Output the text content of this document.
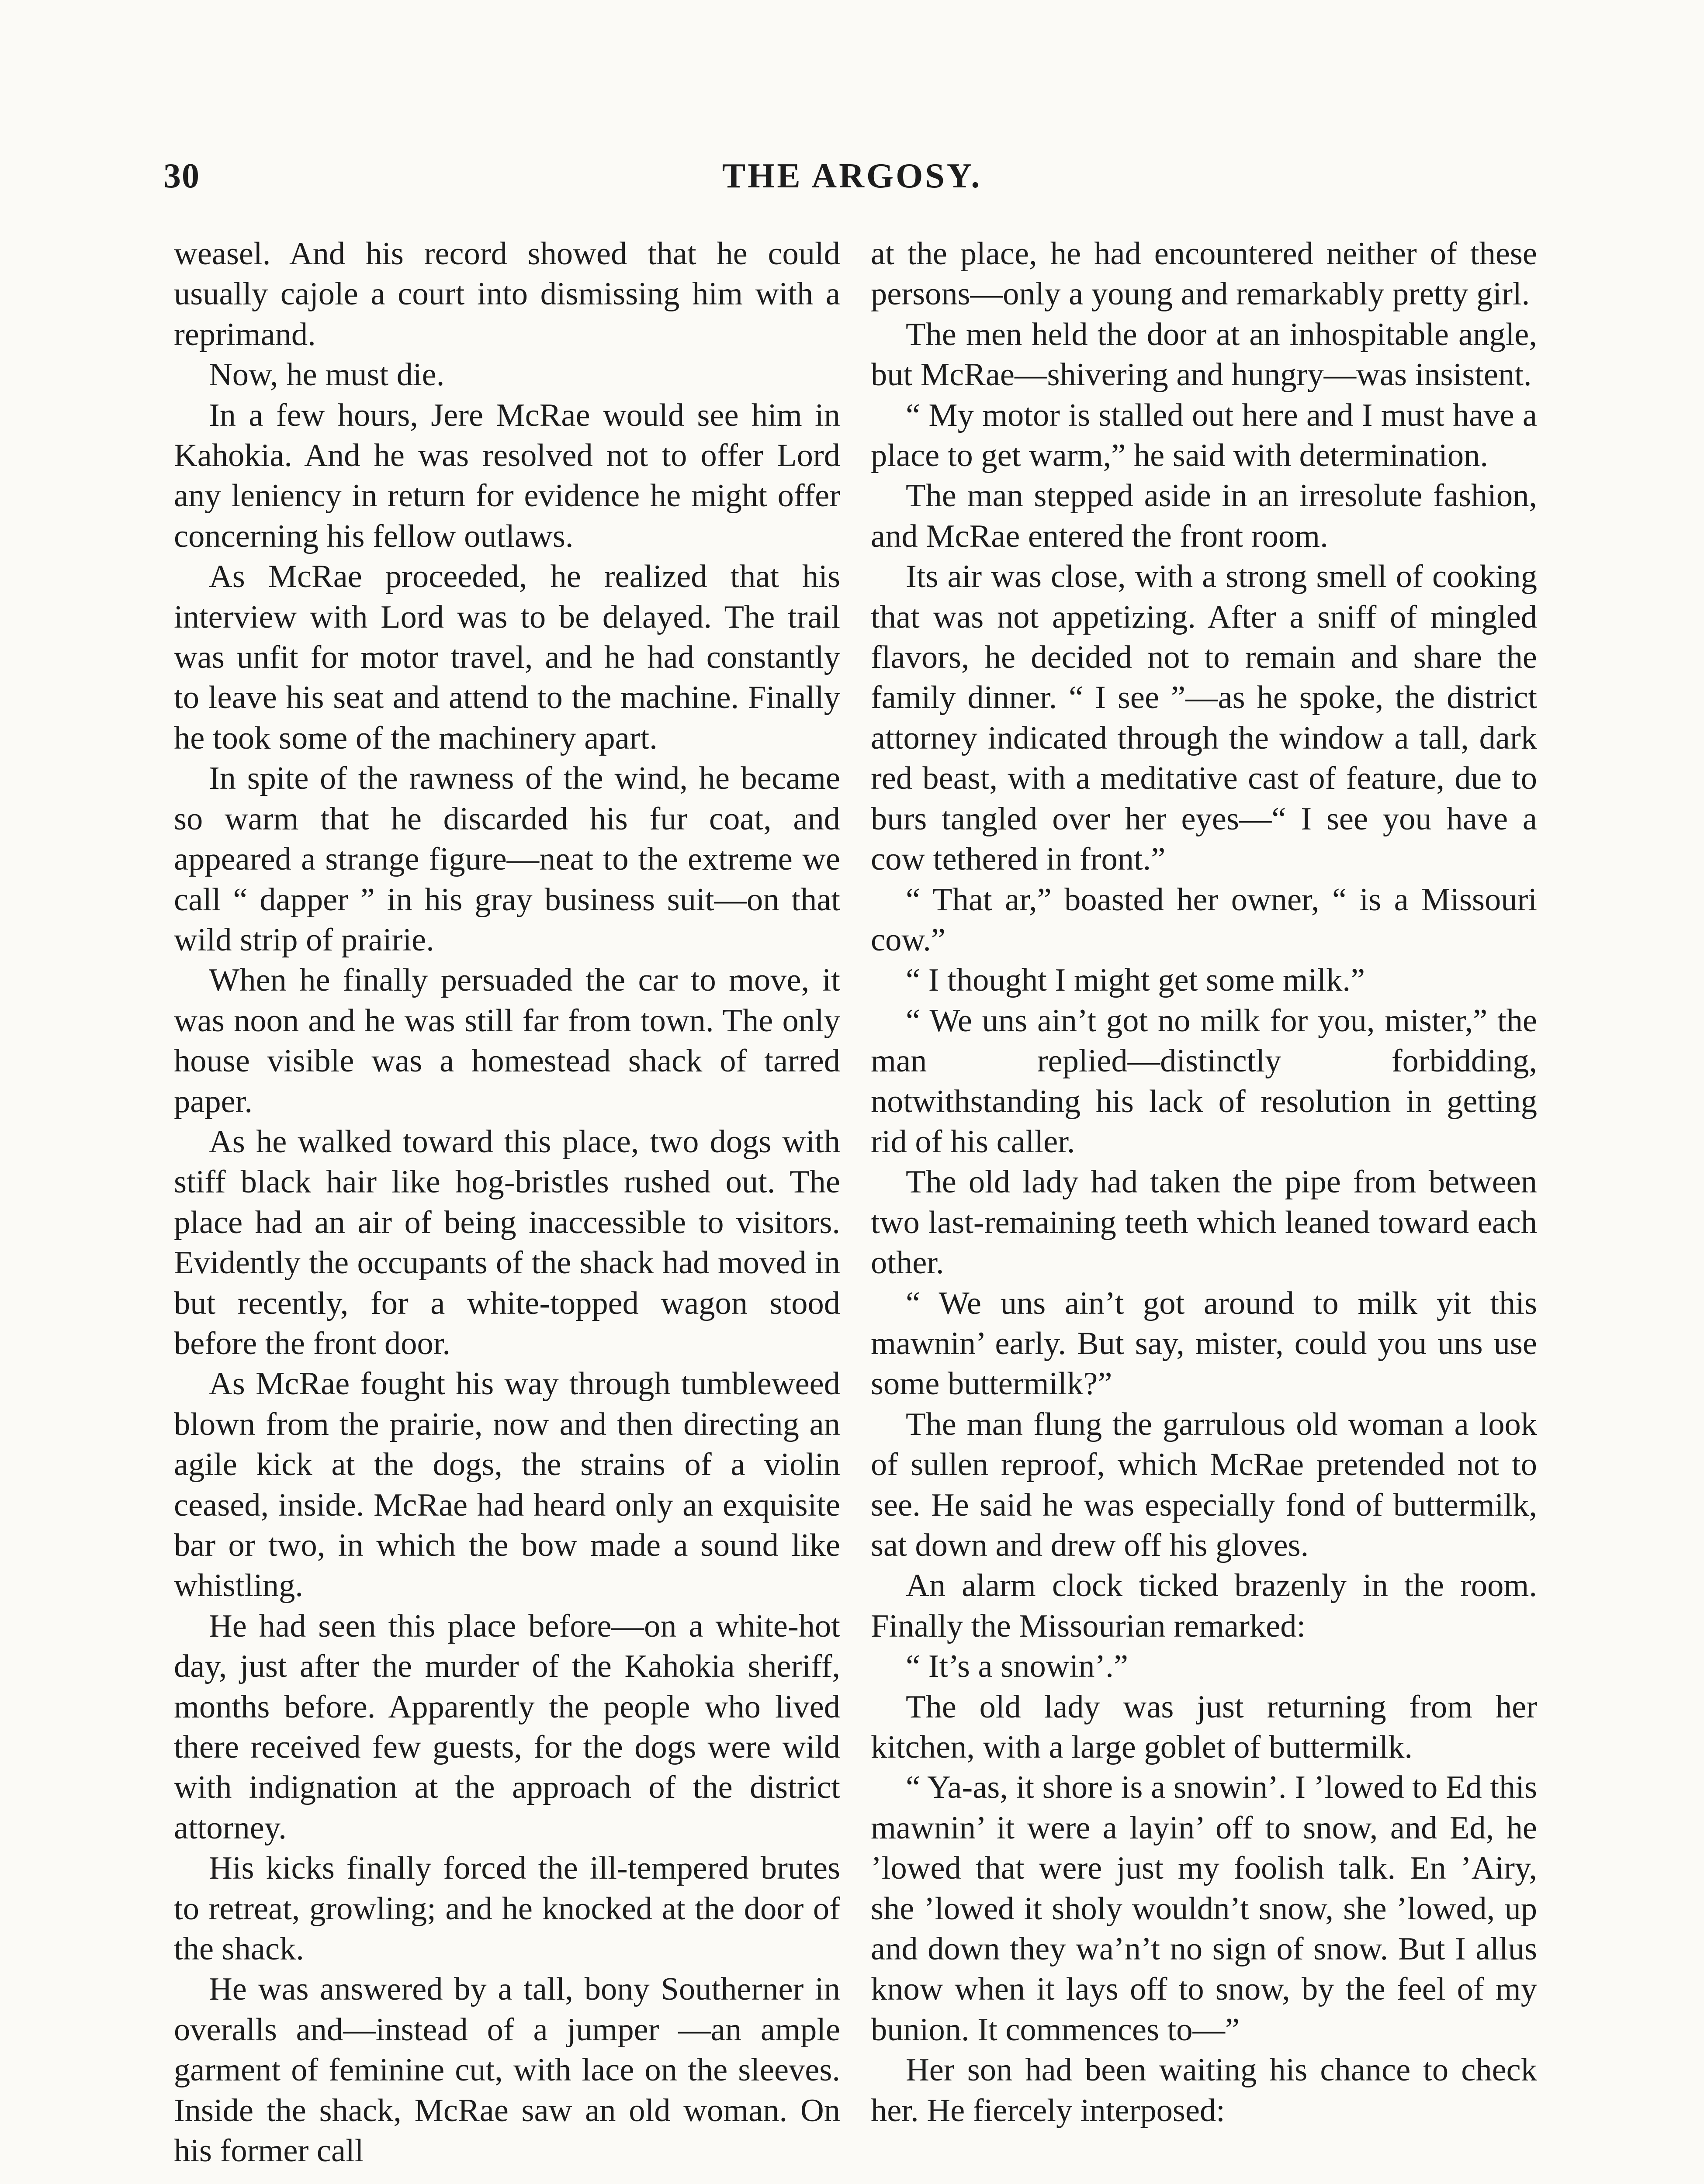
30	THE ARGOSY.

weasel. And his record showed that he could usually cajole a court into dismissing him with a reprimand.

Now, he must die.

In a few hours, Jere McRae would see him in Kahokia. And he was resolved not to offer Lord any leniency in return for evidence he might offer concerning his fellow outlaws.

As McRae proceeded, he realized that his interview with Lord was to be delayed. The trail was unfit for motor travel, and he had constantly to leave his seat and attend to the machine. Finally he took some of the machinery apart.

In spite of the rawness of the wind, he became so warm that he discarded his fur coat, and appeared a strange figure—neat to the extreme we call “ dapper ” in his gray business suit—on that wild strip of prairie.

When he finally persuaded the car to move, it was noon and he was still far from town. The only house visible was a homestead shack of tarred paper.

As he walked toward this place, two dogs with stiff black hair like hog-bristles rushed out. The place had an air of being inaccessible to visitors. Evidently the occupants of the shack had moved in but recently, for a white-topped wagon stood before the front door.

As McRae fought his way through tumbleweed blown from the prairie, now and then directing an agile kick at the dogs, the strains of a violin ceased, inside. McRae had heard only an exquisite bar or two, in which the bow made a sound like whistling.

He had seen this place before—on a white-hot day, just after the murder of the Kahokia sheriff, months before. Apparently the people who lived there received few guests, for the dogs were wild with indignation at the approach of the district attorney.

His kicks finally forced the ill-tempered brutes to retreat, growling; and he knocked at the door of the shack.

He was answered by a tall, bony Southerner in overalls and—instead of a jumper —an ample garment of feminine cut, with lace on the sleeves. Inside the shack, McRae saw an old woman. On his former call

at the place, he had encountered neither of these persons—only a young and remarkably pretty girl.

The men held the door at an inhospitable angle, but McRae—shivering and hungry—was insistent.

“ My motor is stalled out here and I must have a place to get warm,” he said with determination.

The man stepped aside in an irresolute fashion, and McRae entered the front room.

Its air was close, with a strong smell of cooking that was not appetizing. After a sniff of mingled flavors, he decided not to remain and share the family dinner. “ I see ”—as he spoke, the district attorney indicated through the window a tall, dark red beast, with a meditative cast of feature, due to burs tangled over her eyes—“ I see you have a cow tethered in front.”

“ That ar,” boasted her owner, “ is a Missouri cow.”

“ I thought I might get some milk.”

“ We uns ain’t got no milk for you, mister,” the man replied—distinctly forbidding, notwithstanding his lack of resolution in getting rid of his caller.

The old lady had taken the pipe from between two last-remaining teeth which leaned toward each other.

“ We uns ain’t got around to milk yit this mawnin’ early. But say, mister, could you uns use some buttermilk?”

The man flung the garrulous old woman a look of sullen reproof, which McRae pretended not to see. He said he was especially fond of buttermilk, sat down and drew off his gloves.

An alarm clock ticked brazenly in the room. Finally the Missourian remarked:

“ It’s a snowin’.”

The old lady was just returning from her kitchen, with a large goblet of buttermilk.

“ Ya-as, it shore is a snowin’. I ’lowed to Ed this mawnin’ it were a layin’ off to snow, and Ed, he ’lowed that were just my foolish talk. En ’Airy, she ’lowed it sholy wouldn’t snow, she ’lowed, up and down they wa’n’t no sign of snow. But I allus know when it lays off to snow, by the feel of my bunion. It commences to—”

Her son had been waiting his chance to check her. He fiercely interposed:
